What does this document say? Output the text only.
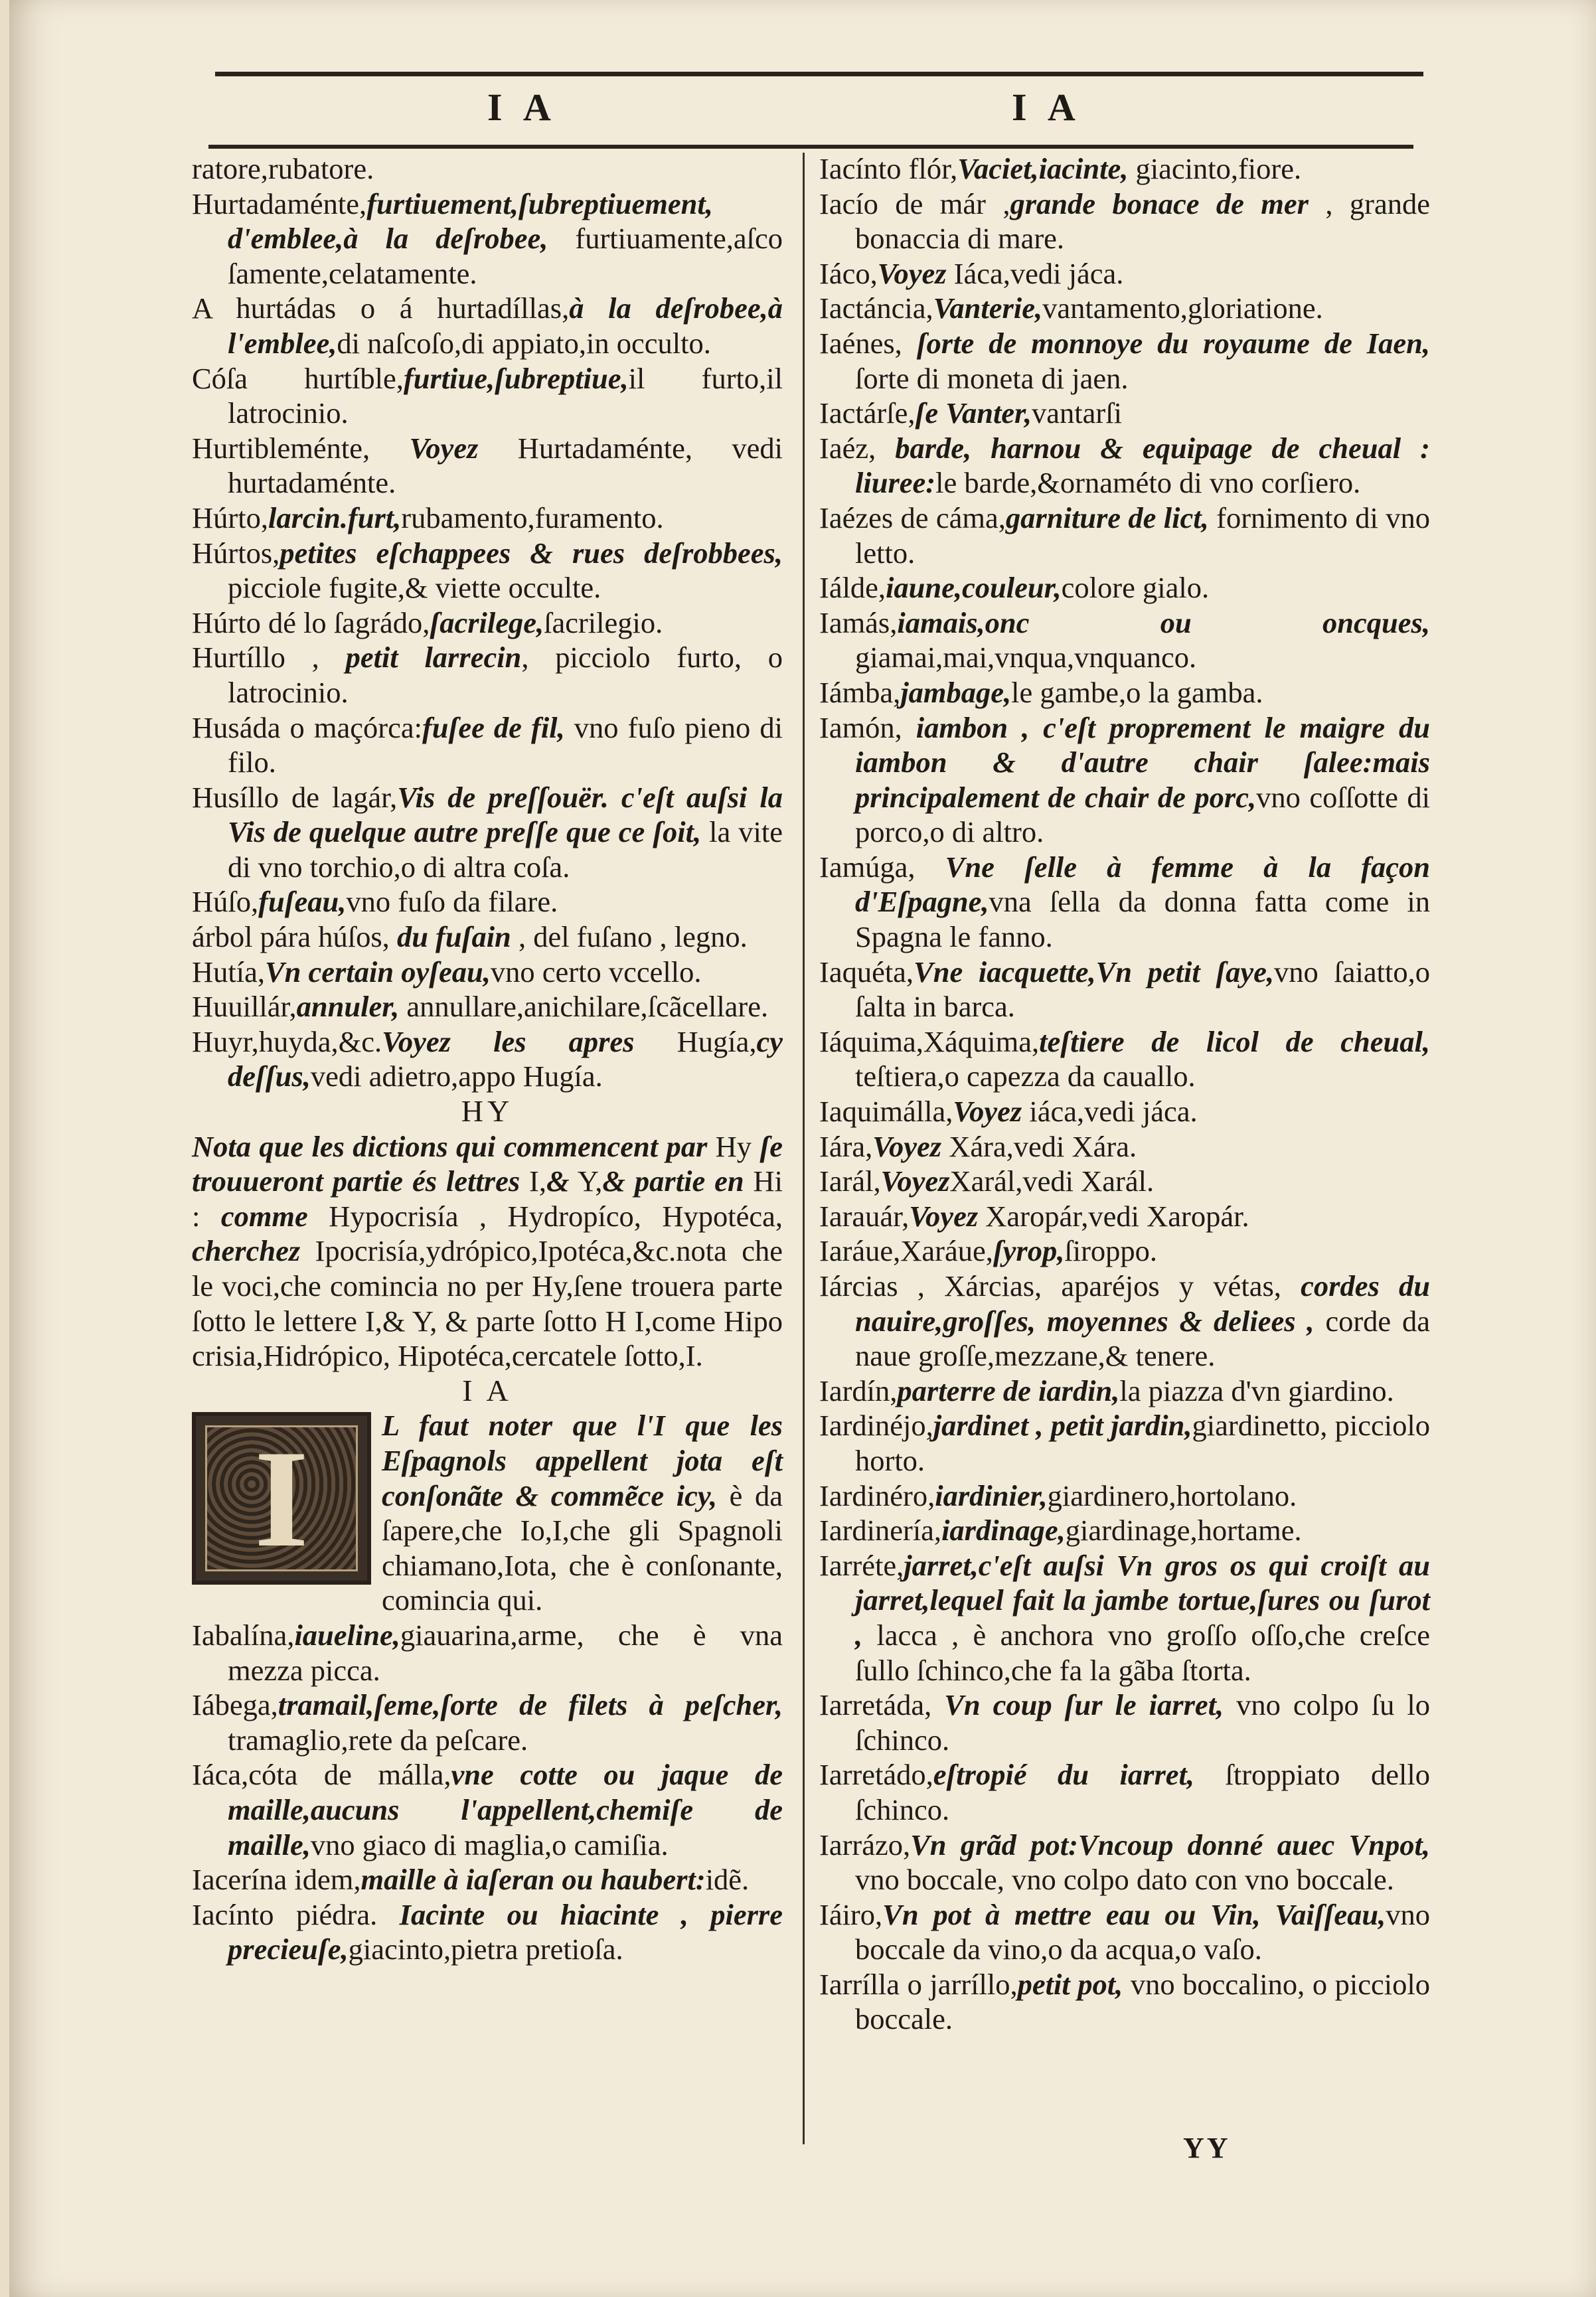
I A	I A

ratore,rubatore.

Hurtadaménte,furtiuement,ſubreptiuement, d'emblee,à la deſrobee, furtiuamente,aſco ſamente,celatamente.

A hurtádas o á hurtadíllas,à la deſrobee,à l'emblee,di naſcoſo,di appiato,in occulto.

Cóſa hurtíble,furtiue,ſubreptiue,il furto,il latrocinio.

Hurtibleménte, Voyez Hurtadaménte, vedi hurtadaménte.

Húrto,larcin.furt,rubamento,furamento.

Húrtos,petites eſchappees & rues deſrobbees, picciole fugite,& viette occulte.

Húrto dé lo ſagrádo,ſacrilege,ſacrilegio.

Hurtíllo , petit larrecin, picciolo furto, o latrocinio.

Husáda o maçórca:fuſee de fil, vno fuſo pieno di filo.

Husíllo de lagár,Vis de preſſouër. c'eſt auſsi la Vis de quelque autre preſſe que ce ſoit, la vite di vno torchio,o di altra coſa.

Húſo,fuſeau,vno fuſo da filare.

árbol pára húſos, du fuſain , del fuſano , legno.

Hutía,Vn certain oyſeau,vno certo vccello.

Huuillár,annuler, annullare,anichilare,ſcãcellare.

Huyr,huyda,&c.Voyez les apres Hugía,cy deſſus,vedi adietro,appo Hugía.

HY

Nota que les dictions qui commencent par Hy ſe trouueront partie és lettres I,& Y,& partie en Hi : comme Hypocrisía , Hydropíco, Hypotéca, cherchez Ipocrisía,ydrópico,Ipotéca,&c.nota che le voci,che comincia no per Hy,ſene trouera parte ſotto le lettere I,& Y, & parte ſotto H I,come Hipo crisia,Hidrópico, Hipotéca,cercatele ſotto,I.

I A

I	L faut noter que l'I que les Eſpagnols appellent jota eſt conſonãte & commẽce icy, è da ſapere,che Io,I,che gli Spagnoli chiamano,Iota, che è conſonante, comincia qui.

Iabalína,iaueline,giauarina,arme, che è vna mezza picca.

Iábega,tramail,ſeme,ſorte de filets à peſcher, tramaglio,rete da peſcare.

Iáca,cóta de málla,vne cotte ou jaque de maille,aucuns l'appellent,chemiſe de maille,vno giaco di maglia,o camiſia.

Iacerína idem,maille à iaſeran ou haubert:idẽ.

Iacínto piédra. Iacinte ou hiacinte , pierre precieuſe,giacinto,pietra pretioſa.

Iacínto flór,Vaciet,iacinte, giacinto,fiore.

Iacío de már ,grande bonace de mer , grande bonaccia di mare.

Iáco,Voyez Iáca,vedi jáca.

Iactáncia,Vanterie,vantamento,gloriatione.

Iaénes, ſorte de monnoye du royaume de Iaen, ſorte di moneta di jaen.

Iactárſe,ſe Vanter,vantarſi

Iaéz, barde, harnou & equipage de cheual : liuree:le barde,&ornaméto di vno corſiero.

Iaézes de cáma,garniture de lict, fornimento di vno letto.

Iálde,iaune,couleur,colore gialo.

Iamás,iamais,onc ou oncques, giamai,mai,vnqua,vnquanco.

Iámba,jambage,le gambe,o la gamba.

Iamón, iambon , c'eſt proprement le maigre du iambon & d'autre chair ſalee:mais principalement de chair de porc,vno coſſotte di porco,o di altro.

Iamúga, Vne ſelle à femme à la façon d'Eſpagne,vna ſella da donna fatta come in Spagna le fanno.

Iaquéta,Vne iacquette,Vn petit ſaye,vno ſaiatto,o ſalta in barca.

Iáquima,Xáquima,teſtiere de licol de cheual, teſtiera,o capezza da cauallo.

Iaquimálla,Voyez iáca,vedi jáca.

Iára,Voyez Xára,vedi Xára.

Iarál,VoyezXarál,vedi Xarál.

Iarauár,Voyez Xaropár,vedi Xaropár.

Iaráue,Xaráue,ſyrop,ſiroppo.

Iárcias , Xárcias, aparéjos y vétas, cordes du nauire,groſſes, moyennes & deliees , corde da naue groſſe,mezzane,& tenere.

Iardín,parterre de iardin,la piazza d'vn giardino.

Iardinéjo,jardinet , petit jardin,giardinetto, picciolo horto.

Iardinéro,iardinier,giardinero,hortolano.

Iardinería,iardinage,giardinage,hortame.

Iarréte,jarret,c'eſt auſsi Vn gros os qui croiſt au jarret,lequel fait la jambe tortue,ſures ou ſurot , lacca , è anchora vno groſſo oſſo,che creſce ſullo ſchinco,che fa la gãba ſtorta.

Iarretáda, Vn coup ſur le iarret, vno colpo ſu lo ſchinco.

Iarretádo,eſtropié du iarret, ſtroppiato dello ſchinco.

Iarrázo,Vn grãd pot:Vncoup donné auec Vnpot, vno boccale, vno colpo dato con vno boccale.

Iáiro,Vn pot à mettre eau ou Vin, Vaiſſeau,vno boccale da vino,o da acqua,o vaſo.

Iarrílla o jarríllo,petit pot, vno boccalino, o picciolo boccale.

YY
